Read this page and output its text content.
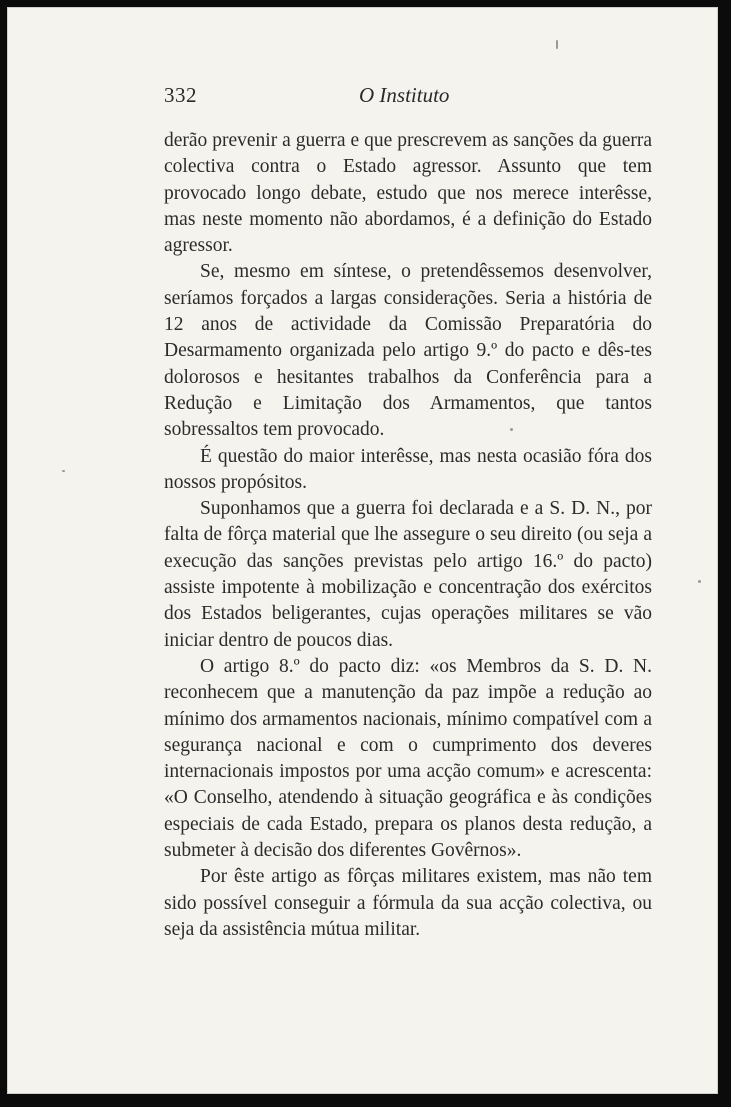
332	O Instituto

derão prevenir a guerra e que prescrevem as sanções da guerra colectiva contra o Estado agressor. Assunto que tem provocado longo debate, estudo que nos merece interêsse, mas neste momento não abordamos, é a definição do Estado agressor.

Se, mesmo em síntese, o pretendêssemos desenvolver, seríamos forçados a largas considerações. Seria a história de 12 anos de actividade da Comissão Preparatória do Desarmamento organizada pelo artigo 9.º do pacto e dês-tes dolorosos e hesitantes trabalhos da Conferência para a Redução e Limitação dos Armamentos, que tantos sobressaltos tem provocado.

É questão do maior interêsse, mas nesta ocasião fóra dos nossos propósitos.

Suponhamos que a guerra foi declarada e a S. D. N., por falta de fôrça material que lhe assegure o seu direito (ou seja a execução das sanções previstas pelo artigo 16.º do pacto) assiste impotente à mobilização e concentração dos exércitos dos Estados beligerantes, cujas operações militares se vão iniciar dentro de poucos dias.

O artigo 8.º do pacto diz: «os Membros da S. D. N. reconhecem que a manutenção da paz impõe a redução ao mínimo dos armamentos nacionais, mínimo compatível com a segurança nacional e com o cumprimento dos deveres internacionais impostos por uma acção comum» e acrescenta: «O Conselho, atendendo à situação geográfica e às condições especiais de cada Estado, prepara os planos desta redução, a submeter à decisão dos diferentes Govêrnos».

Por êste artigo as fôrças militares existem, mas não tem sido possível conseguir a fórmula da sua acção colectiva, ou seja da assistência mútua militar.
